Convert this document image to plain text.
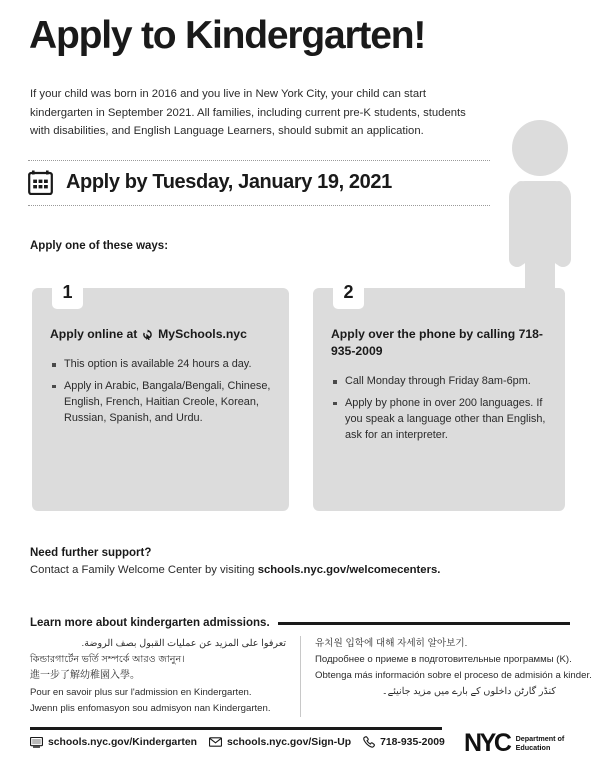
Apply to Kindergarten!

If your child was born in 2016 and you live in New York City, your child can start kindergarten in September 2021. All families, including current pre-K students, students with disabilities, and English Language Learners, should submit an application.

Apply by Tuesday, January 19, 2021
Apply one of these ways:
1
Apply online at MySchools.nyc
This option is available 24 hours a day.
Apply in Arabic, Bangala/Bengali, Chinese, English, French, Haitian Creole, Korean, Russian, Spanish, and Urdu.
2
Apply over the phone by calling 718-935-2009
Call Monday through Friday 8am-6pm.
Apply by phone in over 200 languages. If you speak a language other than English, ask for an interpreter.
Need further support?
Contact a Family Welcome Center by visiting schools.nyc.gov/welcomecenters.
Learn more about kindergarten admissions.
تعرفوا على المزيد عن عمليات القبول بصف الروضة.
কিন্ডারগার্টেন ভর্তি সম্পর্কে আরও জানুন।
進一步了解幼稚園入學。
Pour en savoir plus sur l'admission en Kindergarten.
Jwenn plis enfomasyon sou admisyon nan Kindergarten.
유치원 입학에 대해 자세히 알아보기.
Подробнее о приеме в подготовительные программы (K).
Obtenga más información sobre el proceso de admisión a kinder.
کنڈر گارٹن داخلوں کے بارے میں مزید جانیئے۔
schools.nyc.gov/Kindergarten	schools.nyc.gov/Sign-Up	718-935-2009 NYC Department of
Education
